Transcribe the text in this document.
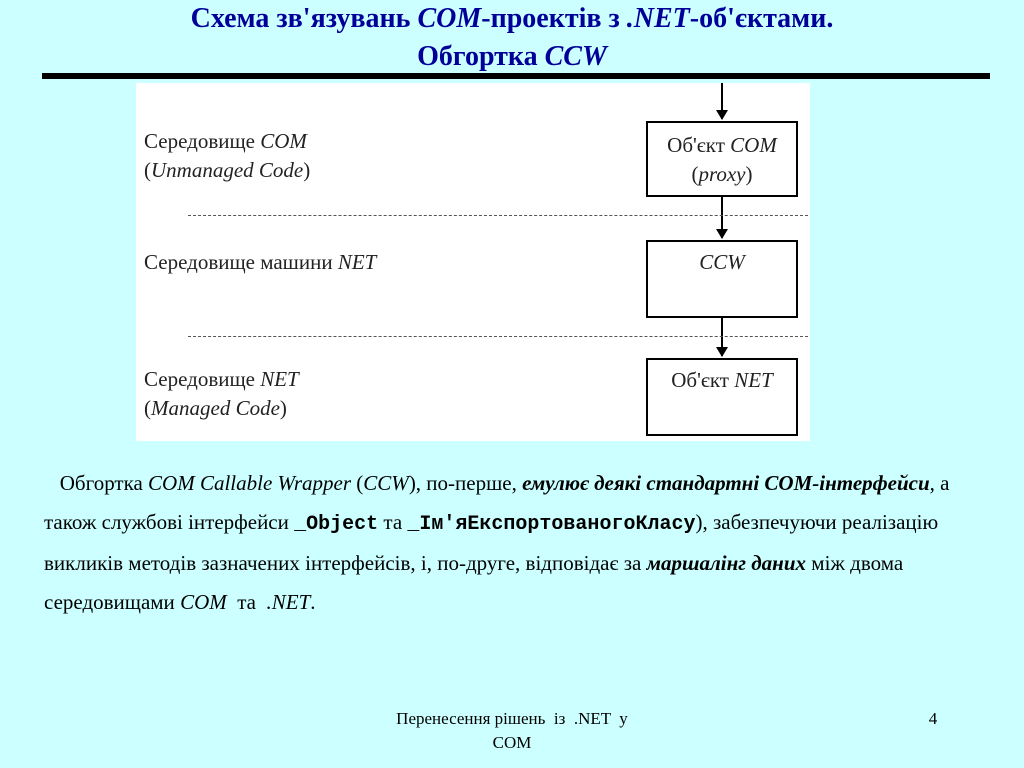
Схема зв'язувань COM-проектів з .NET-об'єктами.
Обгортка CCW
Середовище COM
(Unmanaged Code)
Середовище машини NET
Середовище NET
(Managed Code)
Об'єкт COM
(proxy)
CCW
Об'єкт NET
Обгортка COM Callable Wrapper (CCW), по-перше, емулює деякі стандартні COM-інтерфейси, а також службові інтерфейси _Object та _Ім'яЕкспортованогоКласу), забезпечуючи реалізацію викликів методів зазначених інтерфейсів, і, по-друге, відповідає за маршалінг даних між двома середовищами COM  та  .NET.
Перенесення рішень  із  .NET  у
COM
4
